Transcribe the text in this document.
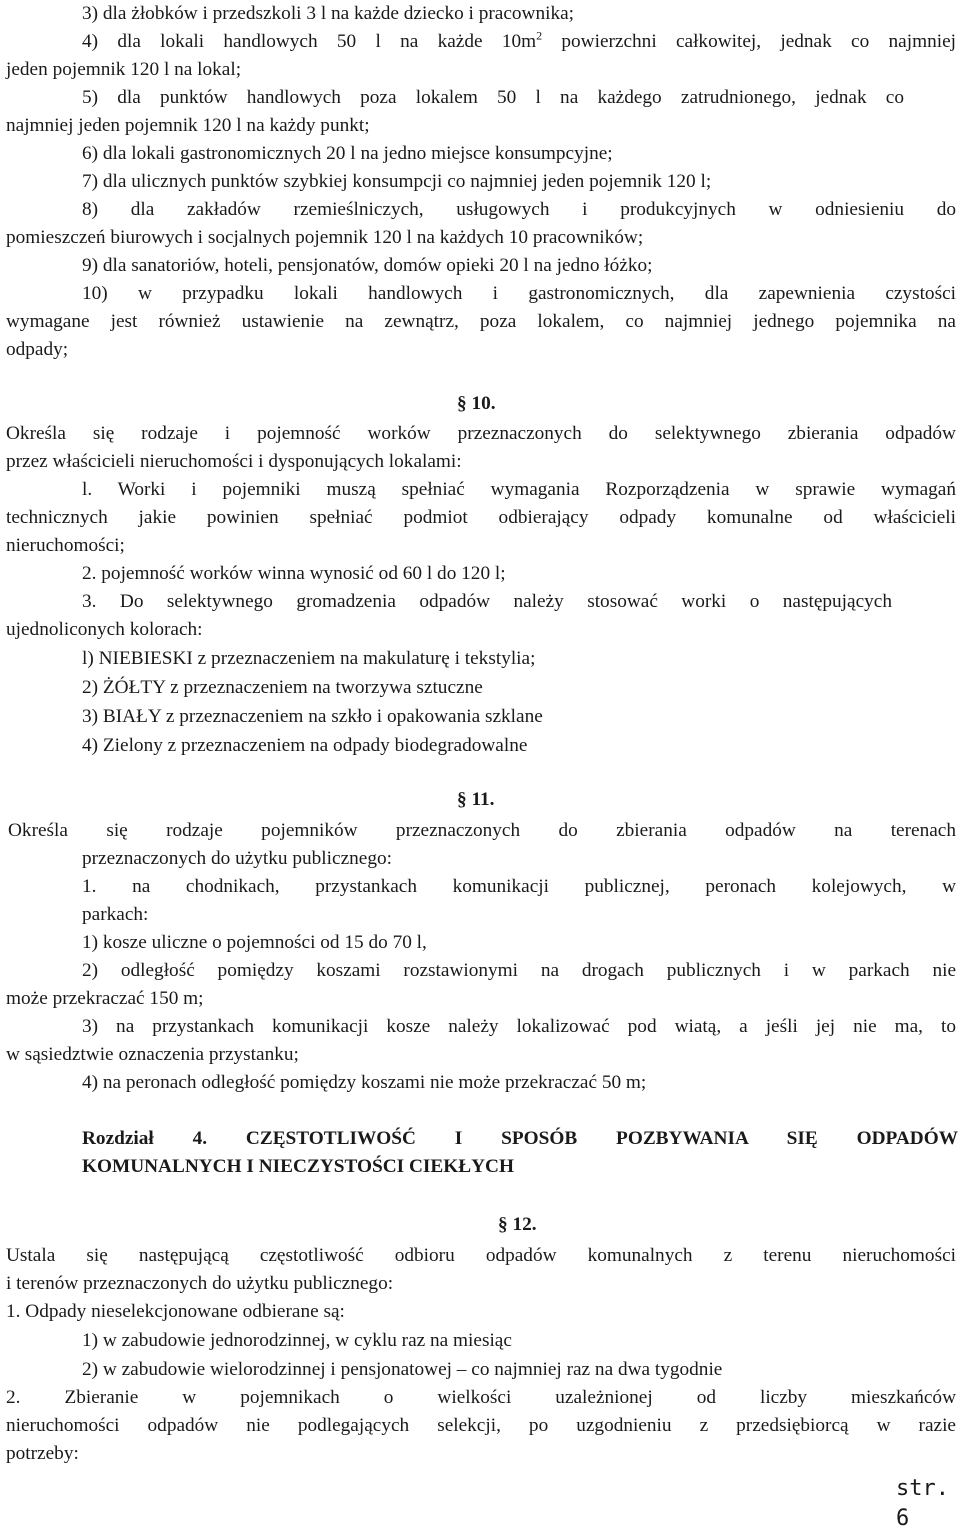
3) dla żłobków i przedszkoli 3 l na każde dziecko i pracownika;

4) dla lokali handlowych 50 l na każde $10m^2$ powierzchni całkowitej, jednak co najmniej

jeden pojemnik 120 l na lokal;

5) dla punktów handlowych poza lokalem 50 l na każdego zatrudnionego, jednak co

najmniej jeden pojemnik 120 l na każdy punkt;

6) dla lokali gastronomicznych 20 l na jedno miejsce konsumpcyjne;

7) dla ulicznych punktów szybkiej konsumpcji co najmniej jeden pojemnik 120 l;

8) dla zakładów rzemieślniczych, usługowych i produkcyjnych w odniesieniu do

pomieszczeń biurowych i socjalnych pojemnik 120 l na każdych 10 pracowników;

9) dla sanatoriów, hoteli, pensjonatów, domów opieki 20 l na jedno łóżko;

10) w przypadku lokali handlowych i gastronomicznych, dla zapewnienia czystości

wymagane jest również ustawienie na zewnątrz, poza lokalem, co najmniej jednego pojemnika na

odpady;

§ 10.

Określa się rodzaje i pojemność worków przeznaczonych do selektywnego zbierania odpadów

przez właścicieli nieruchomości i dysponujących lokalami:

l. Worki i pojemniki muszą spełniać wymagania Rozporządzenia w sprawie wymagań

technicznych jakie powinien spełniać podmiot odbierający odpady komunalne od właścicieli

nieruchomości;

2. pojemność worków winna wynosić od 60 l do 120 l;

3. Do selektywnego gromadzenia odpadów należy stosować worki o następujących

ujednoliconych kolorach:

l) NIEBIESKI z przeznaczeniem na makulaturę i tekstylia;

2) ŻÓŁTY z przeznaczeniem na tworzywa sztuczne

3) BIAŁY z przeznaczeniem na szkło i opakowania szklane

4) Zielony z przeznaczeniem na odpady biodegradowalne

§ 11.

Określa się rodzaje pojemników przeznaczonych do zbierania odpadów na terenach

przeznaczonych do użytku publicznego:

1. na chodnikach, przystankach komunikacji publicznej, peronach kolejowych, w

parkach:

1) kosze uliczne o pojemności od 15 do 70 l,

2) odległość pomiędzy koszami rozstawionymi na drogach publicznych i w parkach nie

może przekraczać 150 m;

3) na przystankach komunikacji kosze należy lokalizować pod wiatą, a jeśli jej nie ma, to

w sąsiedztwie oznaczenia przystanku;

4) na peronach odległość pomiędzy koszami nie może przekraczać 50 m;

Rozdział 4. CZĘSTOTLIWOŚĆ I SPOSÓB POZBYWANIA SIĘ ODPADÓW

KOMUNALNYCH I NIECZYSTOŚCI CIEKŁYCH

§ 12.

Ustala się następującą częstotliwość odbioru odpadów komunalnych z terenu nieruchomości

i terenów przeznaczonych do użytku publicznego:

1. Odpady nieselekcjonowane odbierane są:

1) w zabudowie jednorodzinnej, w cyklu raz na miesiąc

2) w zabudowie wielorodzinnej i pensjonatowej – co najmniej raz na dwa tygodnie

2. Zbieranie w pojemnikach o wielkości uzależnionej od liczby mieszkańców

nieruchomości odpadów nie podlegających selekcji, po uzgodnieniu z przedsiębiorcą w razie

potrzeby:

str. 6
